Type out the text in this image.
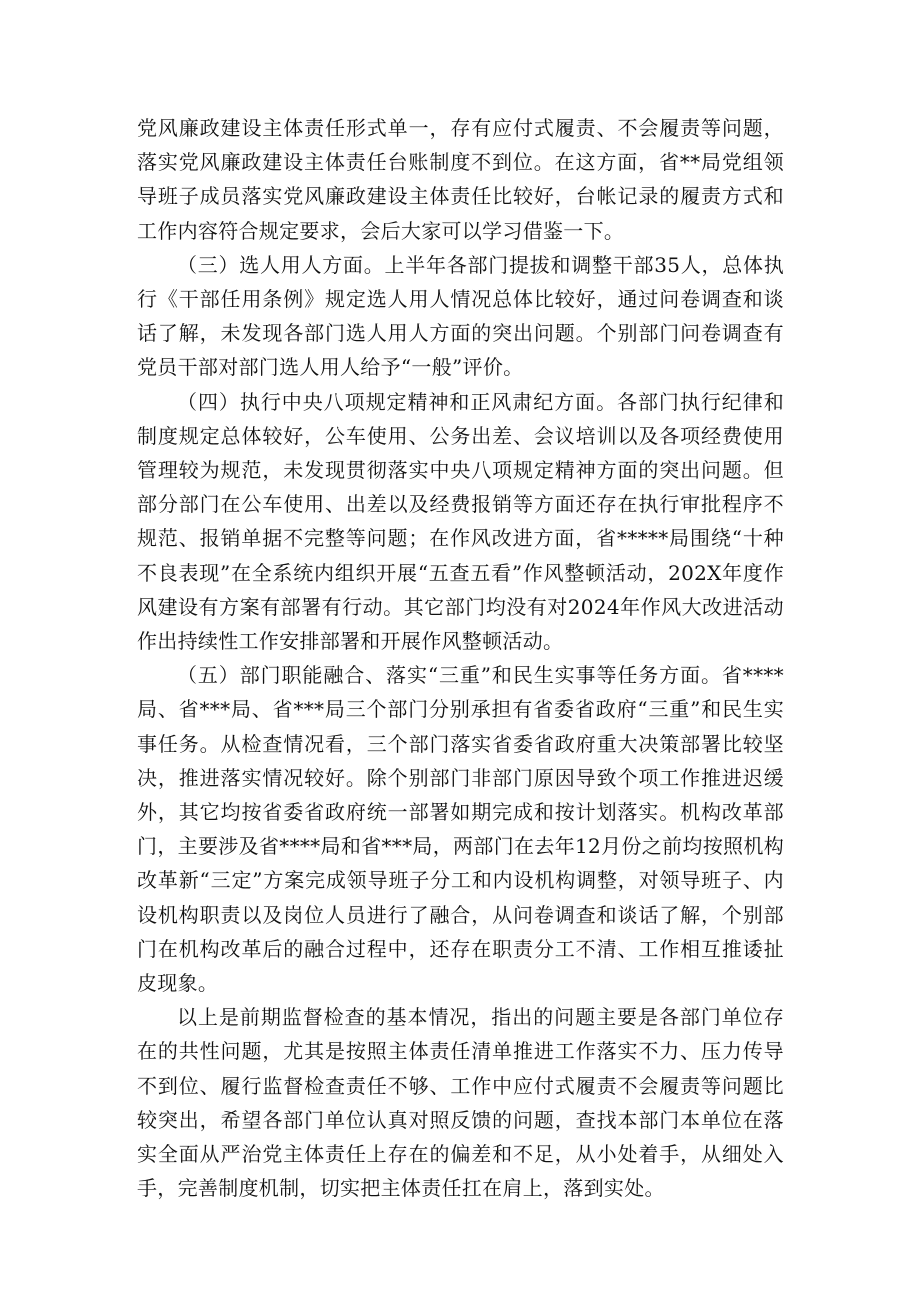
党风廉政建设主体责任形式单一，存有应付式履责、不会履责等问题，落实党风廉政建设主体责任台账制度不到位。在这方面，省**局党组领导班子成员落实党风廉政建设主体责任比较好，台帐记录的履责方式和工作内容符合规定要求，会后大家可以学习借鉴一下。

（三）选人用人方面。上半年各部门提拔和调整干部35人，总体执行《干部任用条例》规定选人用人情况总体比较好，通过问卷调查和谈话了解，未发现各部门选人用人方面的突出问题。个别部门问卷调查有党员干部对部门选人用人给予“一般”评价。

（四）执行中央八项规定精神和正风肃纪方面。各部门执行纪律和制度规定总体较好，公车使用、公务出差、会议培训以及各项经费使用管理较为规范，未发现贯彻落实中央八项规定精神方面的突出问题。但部分部门在公车使用、出差以及经费报销等方面还存在执行审批程序不规范、报销单据不完整等问题；在作风改进方面，省*****局围绕“十种不良表现”在全系统内组织开展“五查五看”作风整顿活动，202X年度作风建设有方案有部署有行动。其它部门均没有对2024年作风大改进活动作出持续性工作安排部署和开展作风整顿活动。

（五）部门职能融合、落实“三重”和民生实事等任务方面。省****局、省***局、省***局三个部门分别承担有省委省政府“三重”和民生实事任务。从检查情况看，三个部门落实省委省政府重大决策部署比较坚决，推进落实情况较好。除个别部门非部门原因导致个项工作推进迟缓外，其它均按省委省政府统一部署如期完成和按计划落实。机构改革部门，主要涉及省****局和省***局，两部门在去年12月份之前均按照机构改革新“三定”方案完成领导班子分工和内设机构调整，对领导班子、内设机构职责以及岗位人员进行了融合，从问卷调查和谈话了解，个别部门在机构改革后的融合过程中，还存在职责分工不清、工作相互推诿扯皮现象。

以上是前期监督检查的基本情况，指出的问题主要是各部门单位存在的共性问题，尤其是按照主体责任清单推进工作落实不力、压力传导不到位、履行监督检查责任不够、工作中应付式履责不会履责等问题比较突出，希望各部门单位认真对照反馈的问题，查找本部门本单位在落实全面从严治党主体责任上存在的偏差和不足，从小处着手，从细处入手，完善制度机制，切实把主体责任扛在肩上，落到实处。
